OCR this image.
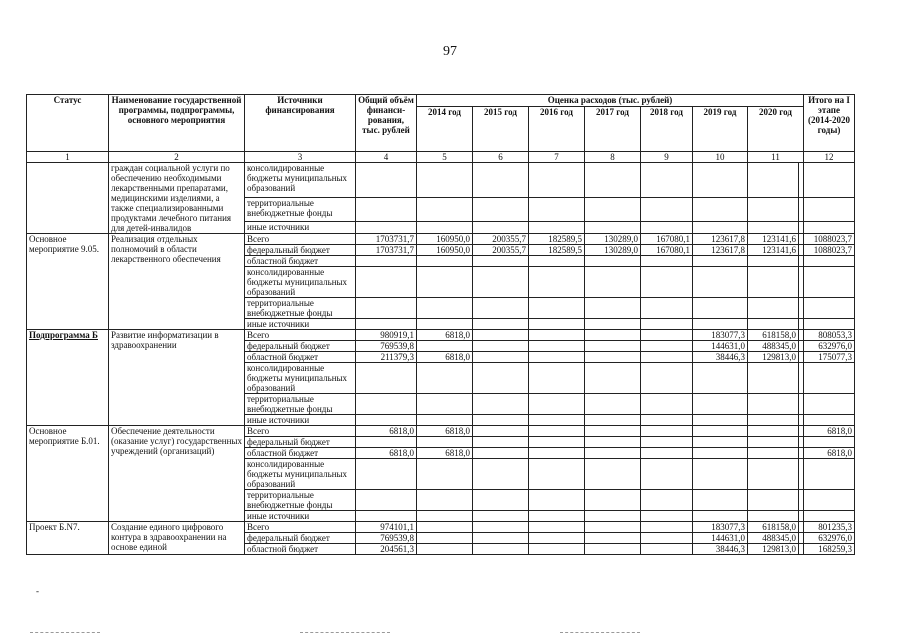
97
Статус	Наименование государственной программы, подпрограммы, основного мероприятия	Источники финансирования	Общий объём финанси-рования, тыс. рублей	Оценка расходов (тыс. рублей)								Итого на I этапе (2014-2020 годы)
				2014 год	2015 год	2016 год	2017 год	2018 год	2019 год	2020 год		
1	2	3	4	5	6	7	8	9	10	11		12
	граждан социальной услуги по обеспечению необходимыми лекарственными препаратами, медицинскими изделиями, а также специализированными продуктами лечебного питания для детей-инвалидов	консолидированные бюджеты муниципальных образований										
		территориальные внебюджетные фонды										
		иные источники										
Основное мероприятие 9.05.	Реализация отдельных полномочий в области лекарственного обеспечения	Всего	1703731,7	160950,0	200355,7	182589,5	130289,0	167080,1	123617,8	123141,6		1088023,7
		федеральный бюджет	1703731,7	160950,0	200355,7	182589,5	130289,0	167080,1	123617,8	123141,6		1088023,7
		областной бюджет										
		консолидированные бюджеты муниципальных образований										
		территориальные внебюджетные фонды										
		иные источники										
Подпрограмма Б	Развитие информатизации в здравоохранении	Всего	980919,1	6818,0					183077,3	618158,0		808053,3
		федеральный бюджет	769539,8						144631,0	488345,0		632976,0
		областной бюджет	211379,3	6818,0					38446,3	129813,0		175077,3
		консолидированные бюджеты муниципальных образований										
		территориальные внебюджетные фонды										
		иные источники										
Основное мероприятие Б.01.	Обеспечение деятельности (оказание услуг) государственных учреждений (организаций)	Всего	6818,0	6818,0								6818,0
		федеральный бюджет										
		областной бюджет	6818,0	6818,0								6818,0
		консолидированные бюджеты муниципальных образований										
		территориальные внебюджетные фонды										
		иные источники										
Проект Б.N7.	Создание единого цифрового контура в здравоохранении на основе единой	Всего	974101,1						183077,3	618158,0		801235,3
		федеральный бюджет	769539,8						144631,0	488345,0		632976,0
		областной бюджет	204561,3						38446,3	129813,0		168259,3
-
